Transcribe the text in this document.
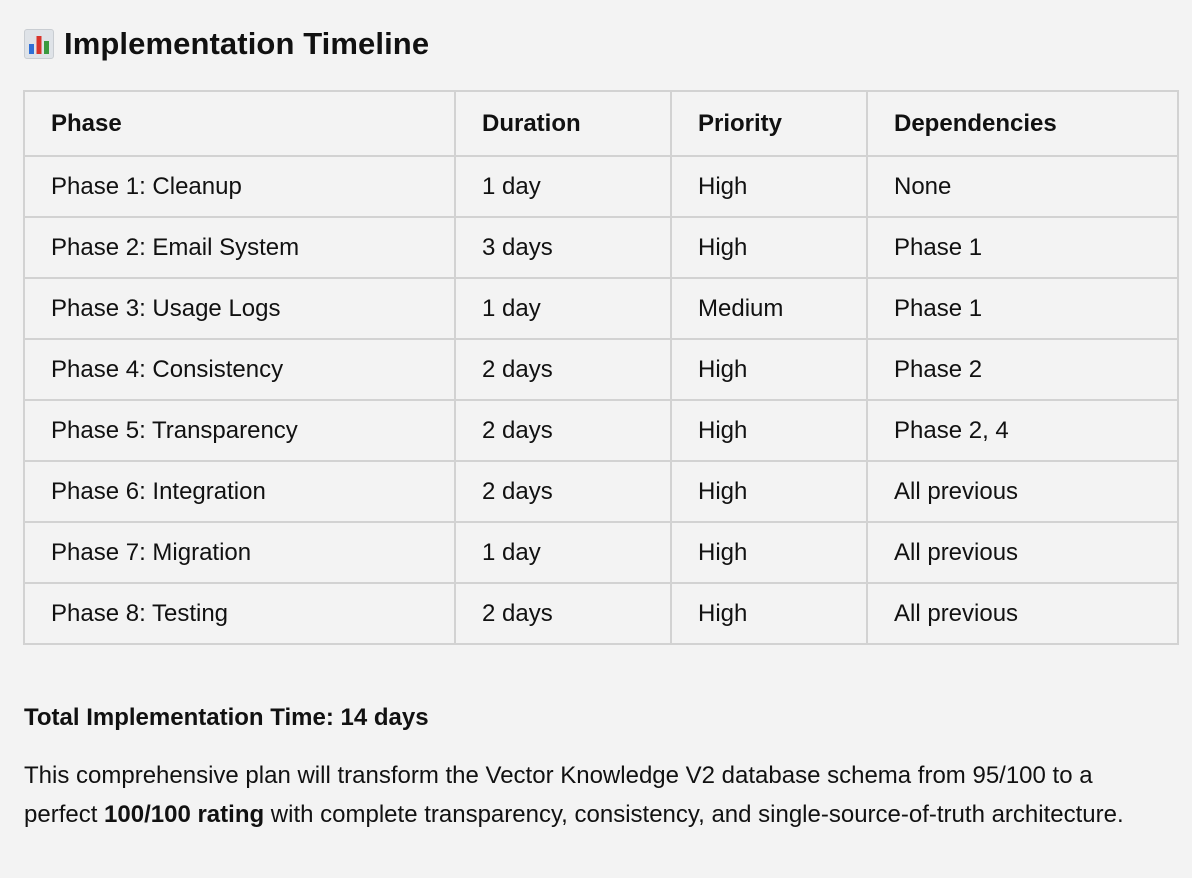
Implementation Timeline
Phase	Duration	Priority	Dependencies
Phase 1: Cleanup	1 day	High	None
Phase 2: Email System	3 days	High	Phase 1
Phase 3: Usage Logs	1 day	Medium	Phase 1
Phase 4: Consistency	2 days	High	Phase 2
Phase 5: Transparency	2 days	High	Phase 2, 4
Phase 6: Integration	2 days	High	All previous
Phase 7: Migration	1 day	High	All previous
Phase 8: Testing	2 days	High	All previous
Total Implementation Time: 14 days
This comprehensive plan will transform the Vector Knowledge V2 database schema from 95/100 to a perfect 100/100 rating with complete transparency, consistency, and single-source-of-truth architecture.
